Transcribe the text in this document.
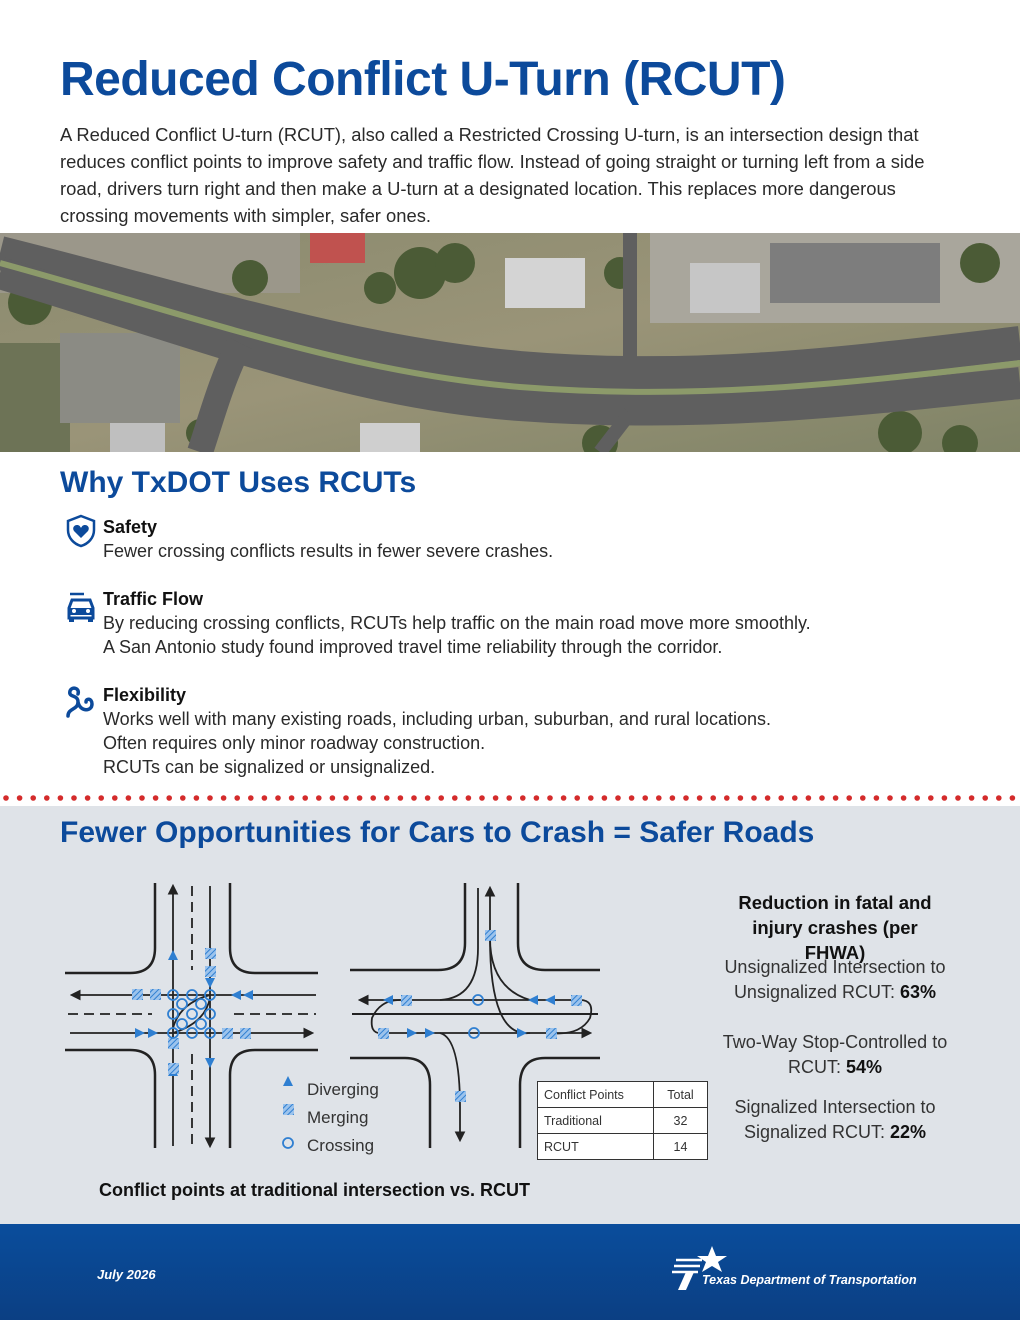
Reduced Conflict U-Turn (RCUT)

A Reduced Conflict U-turn (RCUT), also called a Restricted Crossing U-turn, is an intersection design that reduces conflict points to improve safety and traffic flow. Instead of going straight or turning left from a side road, drivers turn right and then make a U-turn at a designated location. This replaces more dangerous crossing movements with simpler, safer ones.

Why TxDOT Uses RCUTs
Safety
Fewer crossing conflicts results in fewer severe crashes.
Traffic Flow
By reducing crossing conflicts, RCUTs help traffic on the main road move more smoothly.
A San Antonio study found improved travel time reliability through the corridor.
Flexibility
Works well with many existing roads, including urban, suburban, and rural locations.
Often requires only minor roadway construction.
RCUTs can be signalized or unsignalized.
Fewer Opportunities for Cars to Crash = Safer Roads
Diverging
Merging
Crossing
Conflict Points	Total
Traditional	32
RCUT	14
Conflict points at traditional intersection vs. RCUT
Reduction in fatal and injury crashes (per FHWA)
Unsignalized Intersection to Unsignalized RCUT: 63%
Two-Way Stop-Controlled to RCUT: 54%
Signalized Intersection to Signalized RCUT: 22%
July 2026	Texas Department of Transportation
